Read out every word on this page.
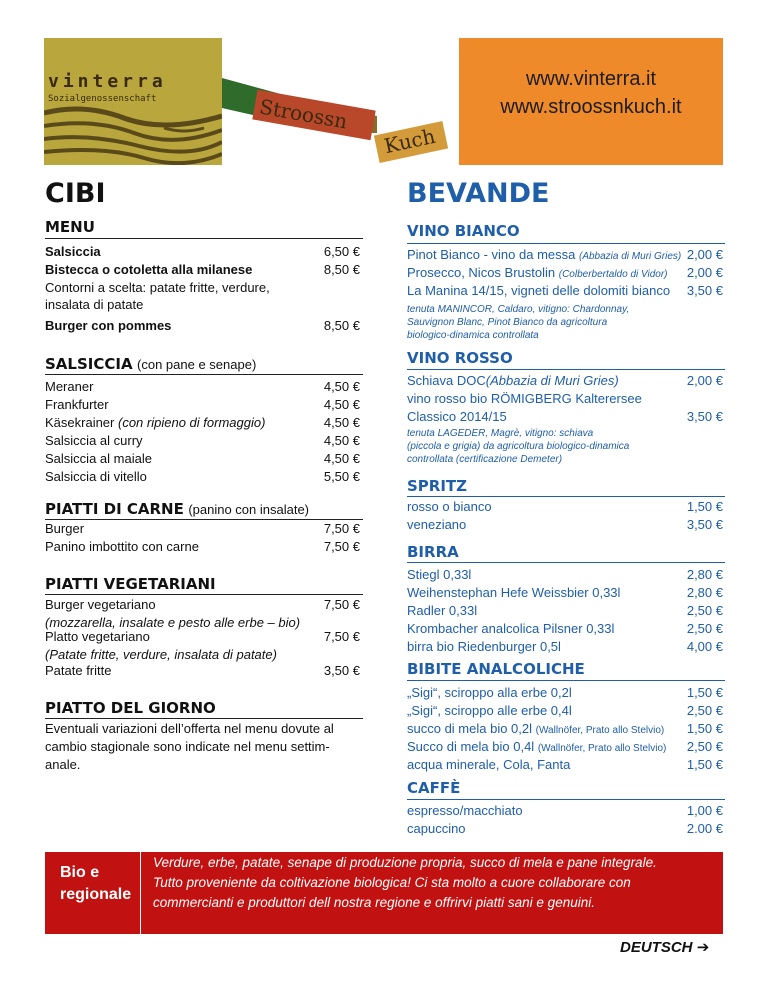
vinterra
Sozialgenossenschaft	Stroossn
Kuch
www.vinterra.it
www.stroossnkuch.it
CIBI
MENU
Salsiccia	6,50 €
Bistecca o cotoletta alla milanese	8,50 €
Contorni a scelta: patate fritte, verdure,
insalata di patate
Burger con pommes	8,50 €
SALSICCIA (con pane e senape)
Meraner	4,50 €
Frankfurter	4,50 €
Käsekrainer (con ripieno di formaggio)	4,50 €
Salsiccia al curry	4,50 €
Salsiccia al maiale	4,50 €
Salsiccia di vitello	5,50 €
PIATTI DI CARNE (panino con insalate)
Burger	7,50 €
Panino imbottito con carne	7,50 €
PIATTI VEGETARIANI
Burger vegetariano	7,50 €
(mozzarella, insalate e pesto alle erbe – bio)
Platto vegetariano	7,50 €
(Patate fritte, verdure, insalata di patate)
Patate fritte	3,50 €
PIATTO DEL GIORNO
Eventuali variazioni dell’offerta nel menu dovute al
cambio stagionale sono indicate nel menu settim-
anale.
BEVANDE
VINO BIANCO
Pinot Bianco - vino da messa (Abbazia di Muri Gries) 2,00 €
Prosecco, Nicos Brustolin (Colberbertaldo di Vidor)	2,00 €
La Manina 14/15, vigneti delle dolomiti bianco	3,50 €
tenuta MANINCOR, Caldaro, vitigno: Chardonnay,
Sauvignon Blanc, Pinot Bianco da agricoltura
biologico-dinamica controllata
VINO ROSSO
Schiava DOC(Abbazia di Muri Gries)	2,00 €
vino rosso bio RÖMIGBERG Kalterersee
Classico 2014/15	3,50 €
tenuta LAGEDER, Magrè, vitigno: schiava
(piccola e grigia) da agricoltura biologico-dinamica
controllata (certificazione Demeter)
SPRITZ
rosso o bianco	1,50 €
veneziano	3,50 €
BIRRA
Stiegl 0,33l	2,80 €
Weihenstephan Hefe Weissbier 0,33l	2,80 €
Radler 0,33l	2,50 €
Krombacher analcolica Pilsner 0,33l	2,50 €
birra bio Riedenburger 0,5l	4,00 €
BIBITE ANALCOLICHE
„Sigi“, sciroppo alla erbe 0,2l	1,50 €
„Sigi“, sciroppo alle erbe 0,4l	2,50 €
succo di mela bio 0,2l (Wallnöfer, Prato allo Stelvio)	1,50 €
Succo di mela bio 0,4l (Wallnöfer, Prato allo Stelvio)	2,50 €
acqua minerale, Cola, Fanta	1,50 €
CAFFÈ
espresso/macchiato	1,00 €
capuccino	2.00 €
Bio e
regionale
Verdure, erbe, patate, senape di produzione propria, succo di mela e pane integrale.
Tutto proveniente da coltivazione biologica! Ci sta molto a cuore collaborare con
commercianti e produttori dell nostra regione e offrirvi piatti sani e genuini.
DEUTSCH ➔
